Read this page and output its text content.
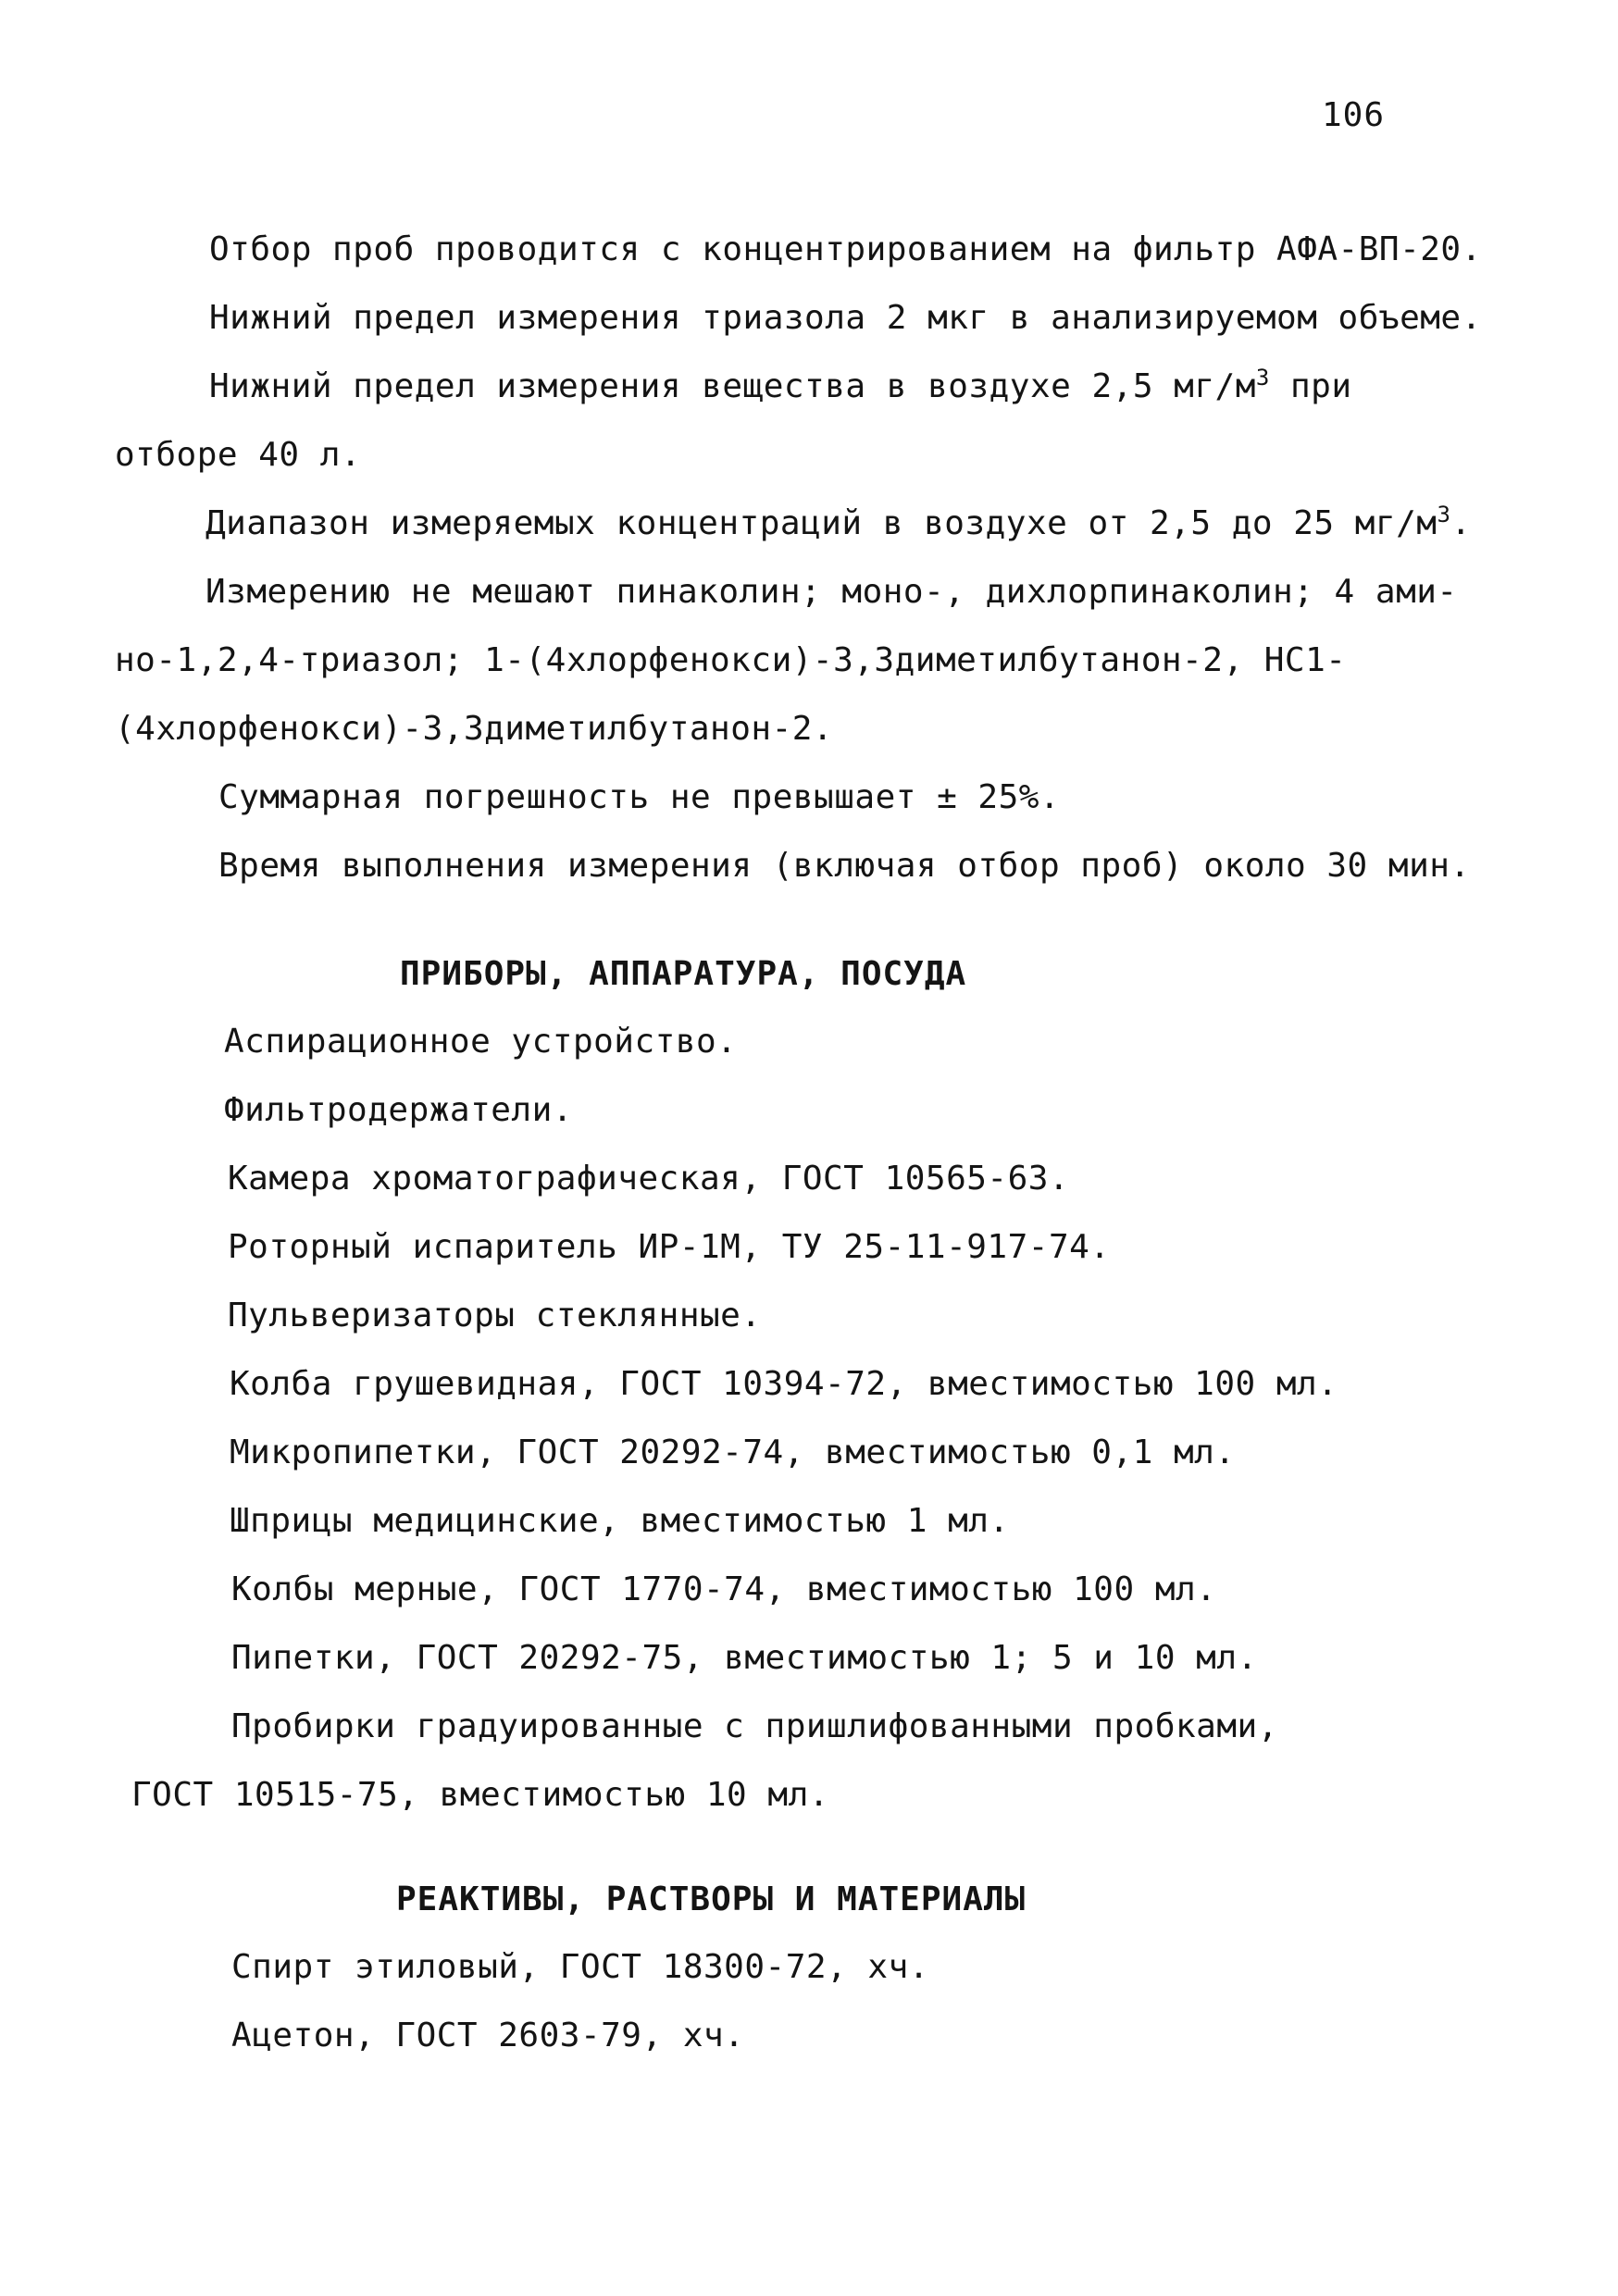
106
Отбор проб проводится с концентрированием на фильтр АФА-ВП-20.
Нижний предел измерения триазола 2 мкг в анализируемом объеме.
Нижний предел измерения вещества в воздухе 2,5 $мг/м^3$ при
отборе 40 л.
Диапазон измеряемых концентраций в воздухе от 2,5 до 25 $мг/м^3$.
Измерению не мешают пинаколин; моно-, дихлорпинаколин; 4 ами-
но-1,2,4-триазол; 1-(4хлорфенокси)-3,3диметилбутанон-2, НС1-
(4хлорфенокси)-3,3диметилбутанон-2.
Суммарная погрешность не превышает ± 25%.
Время выполнения измерения (включая отбор проб) около 30 мин.
ПРИБОРЫ, АППАРАТУРА, ПОСУДА
Аспирационное устройство.
Фильтродержатели.
Камера хроматографическая, ГОСТ 10565-63.
Роторный испаритель ИР-1М, ТУ 25-11-917-74.
Пульверизаторы стеклянные.
Колба грушевидная, ГОСТ 10394-72, вместимостью 100 мл.
Микропипетки, ГОСТ 20292-74, вместимостью 0,1 мл.
Шприцы медицинские, вместимостью 1 мл.
Колбы мерные, ГОСТ 1770-74, вместимостью 100 мл.
Пипетки, ГОСТ 20292-75, вместимостью 1; 5 и 10 мл.
Пробирки градуированные с пришлифованными пробками,
ГОСТ 10515-75, вместимостью 10 мл.
РЕАКТИВЫ, РАСТВОРЫ И МАТЕРИАЛЫ
Спирт этиловый, ГОСТ 18300-72, хч.
Ацетон, ГОСТ 2603-79, хч.
